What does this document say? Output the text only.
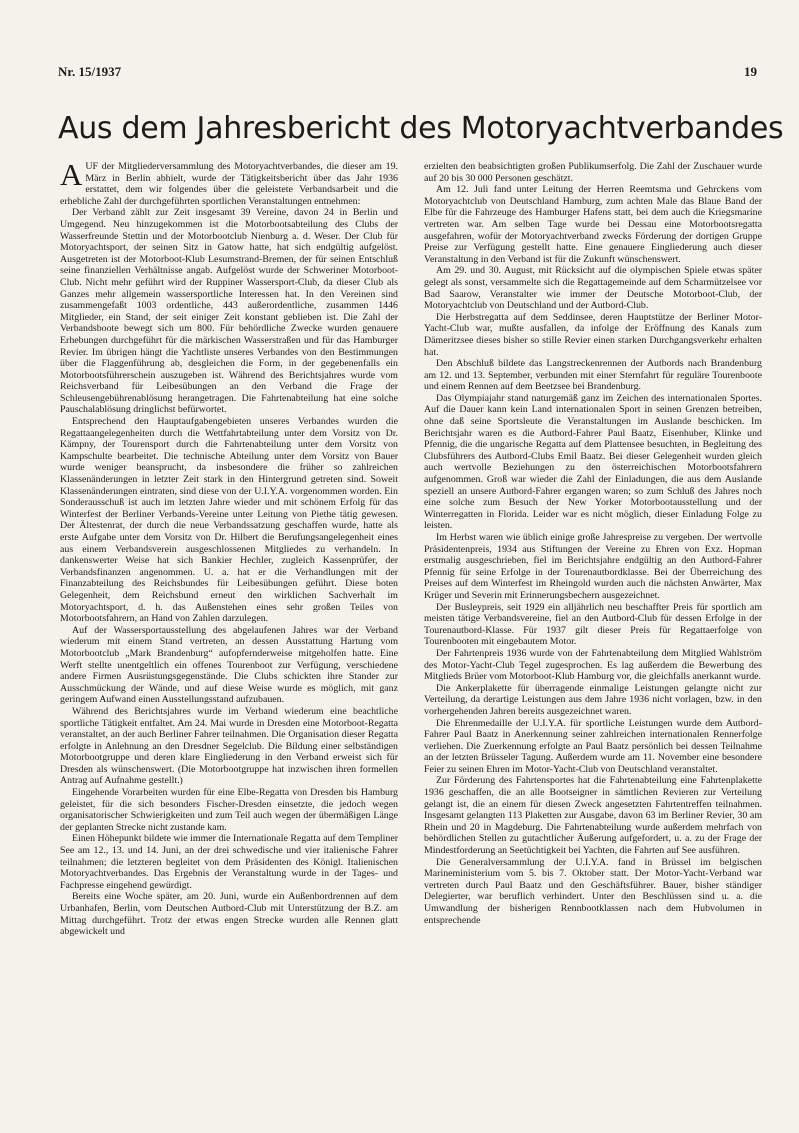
Nr. 15/1937	19
Aus dem Jahresbericht des Motoryachtverbandes

AUF der Mitgliederversammlung des Motoryachtverbandes, die dieser am 19. März in Berlin abhielt, wurde der Tätigkeitsbericht über das Jahr 1936 erstattet, dem wir folgendes über die geleistete Verbandsarbeit und die erhebliche Zahl der durchgeführten sportlichen Veranstaltungen entnehmen:

Der Verband zählt zur Zeit insgesamt 39 Vereine, davon 24 in Berlin und Umgegend. Neu hinzugekommen ist die Motorbootsabteilung des Clubs der Wasserfreunde Stettin und der Motorbootclub Nienburg a. d. Weser. Der Club für Motoryachtsport, der seinen Sitz in Gatow hatte, hat sich endgültig aufgelöst. Ausgetreten ist der Motorboot-Klub Lesumstrand-Bremen, der für seinen Entschluß seine finanziellen Verhältnisse angab. Aufgelöst wurde der Schweriner Motorboot-Club. Nicht mehr geführt wird der Ruppiner Wassersport-Club, da dieser Club als Ganzes mehr allgemein wassersportliche Interessen hat. In den Vereinen sind zusammengefaßt 1003 ordentliche, 443 außerordentliche, zusammen 1446 Mitglieder, ein Stand, der seit einiger Zeit konstant geblieben ist. Die Zahl der Verbandsboote bewegt sich um 800. Für behördliche Zwecke wurden genauere Erhebungen durchgeführt für die märkischen Wasserstraßen und für das Hamburger Revier. Im übrigen hängt die Yachtliste unseres Verbandes von den Bestimmungen über die Flaggenführung ab, desgleichen die Form, in der gegebenenfalls ein Motorbootsführerschein auszugeben ist. Während des Berichtsjahres wurde vom Reichsverband für Leibesübungen an den Verband die Frage der Schleusengebührenablösung herangetragen. Die Fahrtenabteilung hat eine solche Pauschalablösung dringlichst befürwortet.

Entsprechend den Hauptaufgabengebieten unseres Verbandes wurden die Regattaangelegenheiten durch die Wettfahrtabteilung unter dem Vorsitz von Dr. Kämpny, der Tourensport durch die Fahrtenabteilung unter dem Vorsitz von Kampschulte bearbeitet. Die technische Abteilung unter dem Vorsitz von Bauer wurde weniger beansprucht, da insbesondere die früher so zahlreichen Klassenänderungen in letzter Zeit stark in den Hintergrund getreten sind. Soweit Klassenänderungen eintraten, sind diese von der U.I.Y.A. vorgenommen worden. Ein Sonderausschuß ist auch im letzten Jahre wieder und mit schönem Erfolg für das Winterfest der Berliner Verbands-Vereine unter Leitung von Piethe tätig gewesen. Der Ältestenrat, der durch die neue Verbandssatzung geschaffen wurde, hatte als erste Aufgabe unter dem Vorsitz von Dr. Hilbert die Berufungsangelegenheit eines aus einem Verbandsverein ausgeschlossenen Mitgliedes zu verhandeln. In dankenswerter Weise hat sich Bankier Hechler, zugleich Kassenprüfer, der Verbandsfinanzen angenommen. U. a. hat er die Verhandlungen mit der Finanzabteilung des Reichsbundes für Leibesübungen geführt. Diese boten Gelegenheit, dem Reichsbund erneut den wirklichen Sachverhalt im Motoryachtsport, d. h. das Außenstehen eines sehr großen Teiles von Motorbootsfahrern, an Hand von Zahlen darzulegen.

Auf der Wassersportausstellung des abgelaufenen Jahres war der Verband wiederum mit einem Stand vertreten, an dessen Ausstattung Hartung vom Motorbootclub „Mark Brandenburg“ aufopfernderweise mitgeholfen hatte. Eine Werft stellte unentgeltlich ein offenes Tourenboot zur Verfügung, verschiedene andere Firmen Ausrüstungsgegenstände. Die Clubs schickten ihre Stander zur Ausschmückung der Wände, und auf diese Weise wurde es möglich, mit ganz geringem Aufwand einen Ausstellungsstand aufzubauen.

Während des Berichtsjahres wurde im Verband wiederum eine beachtliche sportliche Tätigkeit entfaltet. Am 24. Mai wurde in Dresden eine Motorboot-Regatta veranstaltet, an der auch Berliner Fahrer teilnahmen. Die Organisation dieser Regatta erfolgte in Anlehnung an den Dresdner Segelclub. Die Bildung einer selbständigen Motorbootgruppe und deren klare Eingliederung in den Verband erweist sich für Dresden als wünschenswert. (Die Motorbootgruppe hat inzwischen ihren formellen Antrag auf Aufnahme gestellt.)

Eingehende Vorarbeiten wurden für eine Elbe-Regatta von Dresden bis Hamburg geleistet, für die sich besonders Fischer-Dresden einsetzte, die jedoch wegen organisatorischer Schwierigkeiten und zum Teil auch wegen der übermäßigen Länge der geplanten Strecke nicht zustande kam.

Einen Höhepunkt bildete wie immer die Internationale Regatta auf dem Templiner See am 12., 13. und 14. Juni, an der drei schwedische und vier italienische Fahrer teilnahmen; die letzteren begleitet von dem Präsidenten des Königl. Italienischen Motoryachtverbandes. Das Ergebnis der Veranstaltung wurde in der Tages- und Fachpresse eingehend gewürdigt.

Bereits eine Woche später, am 20. Juni, wurde ein Außenbordrennen auf dem Urbanhafen, Berlin, vom Deutschen Autbord-Club mit Unterstützung der B.Z. am Mittag durchgeführt. Trotz der etwas engen Strecke wurden alle Rennen glatt abgewickelt und

erzielten den beabsichtigten großen Publikumserfolg. Die Zahl der Zuschauer wurde auf 20 bis 30 000 Personen geschätzt.

Am 12. Juli fand unter Leitung der Herren Reemtsma und Gehrckens vom Motoryachtclub von Deutschland Hamburg, zum achten Male das Blaue Band der Elbe für die Fahrzeuge des Hamburger Hafens statt, bei dem auch die Kriegsmarine vertreten war. Am selben Tage wurde bei Dessau eine Motorbootsregatta ausgefahren, wofür der Motoryachtverband zwecks Förderung der dortigen Gruppe Preise zur Verfügung gestellt hatte. Eine genauere Eingliederung auch dieser Veranstaltung in den Verband ist für die Zukunft wünschenswert.

Am 29. und 30. August, mit Rücksicht auf die olympischen Spiele etwas später gelegt als sonst, versammelte sich die Regattagemeinde auf dem Scharmützelsee vor Bad Saarow, Veranstalter wie immer der Deutsche Motorboot-Club, der Motoryachtclub von Deutschland und der Autbord-Club.

Die Herbstregatta auf dem Seddinsee, deren Hauptstütze der Berliner Motor-Yacht-Club war, mußte ausfallen, da infolge der Eröffnung des Kanals zum Dämeritzsee dieses bisher so stille Revier einen starken Durchgangsverkehr erhalten hat.

Den Abschluß bildete das Langstreckenrennen der Autbords nach Brandenburg am 12. und 13. September, verbunden mit einer Sternfahrt für reguläre Tourenboote und einem Rennen auf dem Beetzsee bei Brandenburg.

Das Olympiajahr stand naturgemäß ganz im Zeichen des internationalen Sportes. Auf die Dauer kann kein Land internationalen Sport in seinen Grenzen betreiben, ohne daß seine Sportsleute die Veranstaltungen im Auslande beschicken. Im Berichtsjahr waren es die Autbord-Fahrer Paul Baatz, Eisenhuber, Klinke und Pfennig, die die ungarische Regatta auf dem Plattensee besuchten, in Begleitung des Clubsführers des Autbord-Clubs Emil Baatz. Bei dieser Gelegenheit wurden gleich auch wertvolle Beziehungen zu den österreichischen Motorbootsfahrern aufgenommen. Groß war wieder die Zahl der Einladungen, die aus dem Auslande speziell an unsere Autbord-Fahrer ergangen waren; so zum Schluß des Jahres noch eine solche zum Besuch der New Yorker Motorbootausstellung und der Winterregatten in Florida. Leider war es nicht möglich, dieser Einladung Folge zu leisten.

Im Herbst waren wie üblich einige große Jahrespreise zu vergeben. Der wertvolle Präsidentenpreis, 1934 aus Stiftungen der Vereine zu Ehren von Exz. Hopman erstmalig ausgeschrieben, fiel im Berichtsjahre endgültig an den Autbord-Fahrer Pfennig für seine Erfolge in der Tourenautbordklasse. Bei der Überreichung des Preises auf dem Winterfest im Rheingold wurden auch die nächsten Anwärter, Max Krüger und Severin mit Erinnerungsbechern ausgezeichnet.

Der Busleypreis, seit 1929 ein alljährlich neu beschaffter Preis für sportlich am meisten tätige Verbandsvereine, fiel an den Autbord-Club für dessen Erfolge in der Tourenautbord-Klasse. Für 1937 gilt dieser Preis für Regattaerfolge von Tourenbooten mit eingebautem Motor.

Der Fahrtenpreis 1936 wurde von der Fahrtenabteilung dem Mitglied Wahlström des Motor-Yacht-Club Tegel zugesprochen. Es lag außerdem die Bewerbung des Mitglieds Brüer vom Motorboot-Klub Hamburg vor, die gleichfalls anerkannt wurde.

Die Ankerplakette für überragende einmalige Leistungen gelangte nicht zur Verteilung, da derartige Leistungen aus dem Jahre 1936 nicht vorlagen, bzw. in den vorhergehenden Jahren bereits ausgezeichnet waren.

Die Ehrenmedaille der U.I.Y.A. für sportliche Leistungen wurde dem Autbord-Fahrer Paul Baatz in Anerkennung seiner zahlreichen internationalen Rennerfolge verliehen. Die Zuerkennung erfolgte an Paul Baatz persönlich bei dessen Teilnahme an der letzten Brüsseler Tagung. Außerdem wurde am 11. November eine besondere Feier zu seinen Ehren im Motor-Yacht-Club von Deutschland veranstaltet.

Zur Förderung des Fahrtensportes hat die Fahrtenabteilung eine Fahrtenplakette 1936 geschaffen, die an alle Bootseigner in sämtlichen Revieren zur Verteilung gelangt ist, die an einem für diesen Zweck angesetzten Fahrtentreffen teilnahmen. Insgesamt gelangten 113 Plaketten zur Ausgabe, davon 63 im Berliner Revier, 30 am Rhein und 20 in Magdeburg. Die Fahrtenabteilung wurde außerdem mehrfach von behördlichen Stellen zu gutachtlicher Äußerung aufgefordert, u. a. zu der Frage der Mindestforderung an Seetüchtigkeit bei Yachten, die Fahrten auf See ausführen.

Die Generalversammlung der U.I.Y.A. fand in Brüssel im belgischen Marineministerium vom 5. bis 7. Oktober statt. Der Motor-Yacht-Verband war vertreten durch Paul Baatz und den Geschäftsführer. Bauer, bisher ständiger Delegierter, war beruflich verhindert. Unter den Beschlüssen sind u. a. die Umwandlung der bisherigen Rennbootklassen nach dem Hubvolumen in entsprechende
